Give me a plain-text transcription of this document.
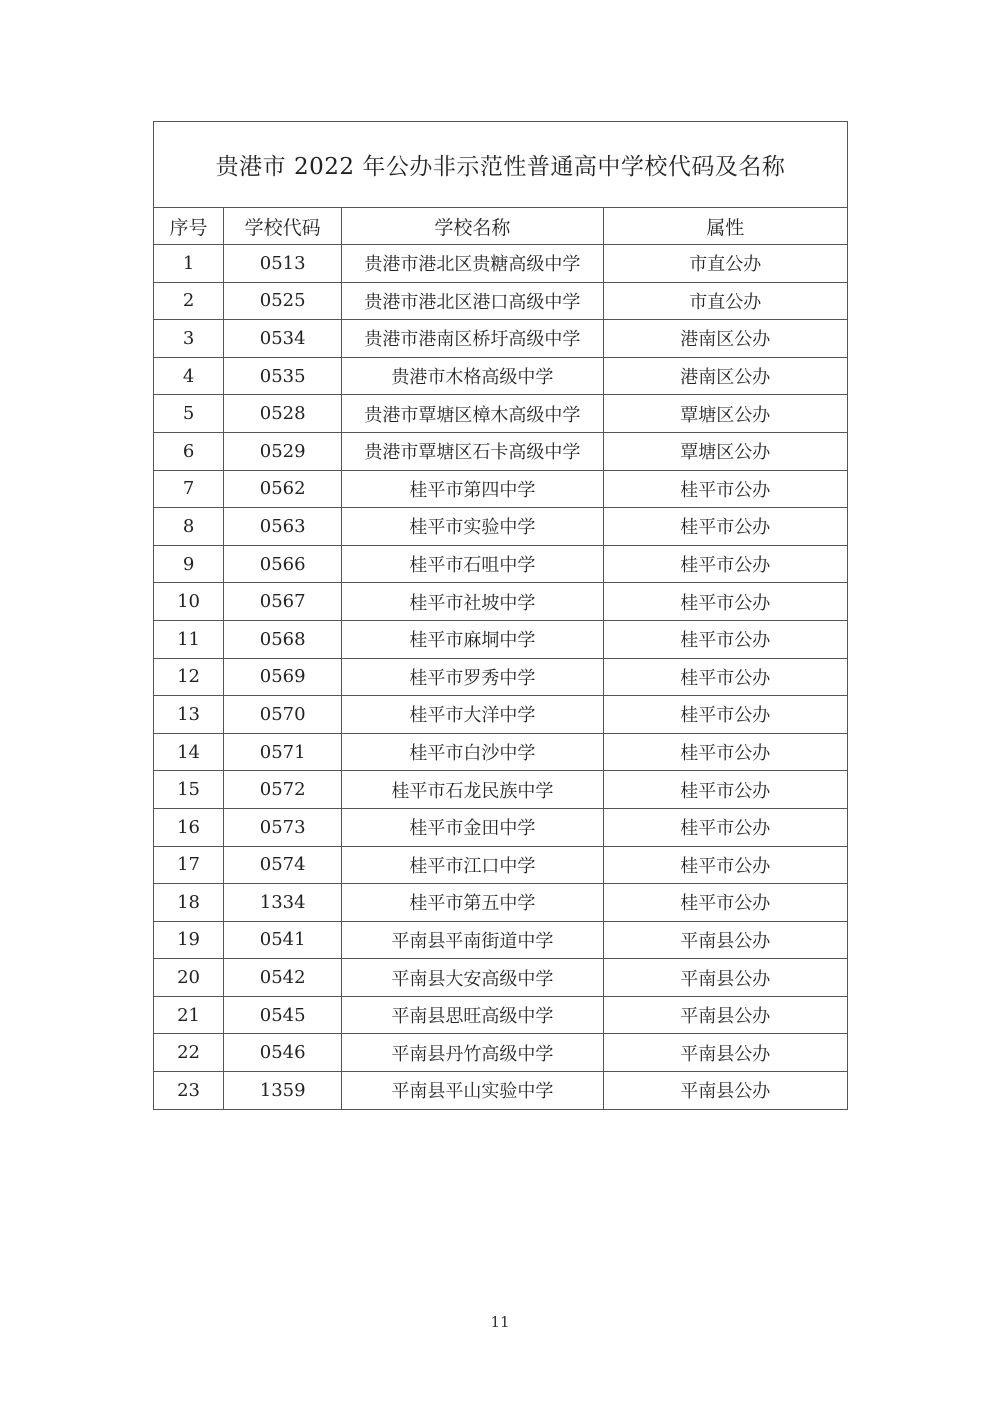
贵港市 2022 年公办非示范性普通高中学校代码及名称			
序号	学校代码	学校名称	属性
1	0513	贵港市港北区贵糖高级中学	市直公办
2	0525	贵港市港北区港口高级中学	市直公办
3	0534	贵港市港南区桥圩高级中学	港南区公办
4	0535	贵港市木格高级中学	港南区公办
5	0528	贵港市覃塘区樟木高级中学	覃塘区公办
6	0529	贵港市覃塘区石卡高级中学	覃塘区公办
7	0562	桂平市第四中学	桂平市公办
8	0563	桂平市实验中学	桂平市公办
9	0566	桂平市石咀中学	桂平市公办
10	0567	桂平市社坡中学	桂平市公办
11	0568	桂平市麻垌中学	桂平市公办
12	0569	桂平市罗秀中学	桂平市公办
13	0570	桂平市大洋中学	桂平市公办
14	0571	桂平市白沙中学	桂平市公办
15	0572	桂平市石龙民族中学	桂平市公办
16	0573	桂平市金田中学	桂平市公办
17	0574	桂平市江口中学	桂平市公办
18	1334	桂平市第五中学	桂平市公办
19	0541	平南县平南街道中学	平南县公办
20	0542	平南县大安高级中学	平南县公办
21	0545	平南县思旺高级中学	平南县公办
22	0546	平南县丹竹高级中学	平南县公办
23	1359	平南县平山实验中学	平南县公办
11
